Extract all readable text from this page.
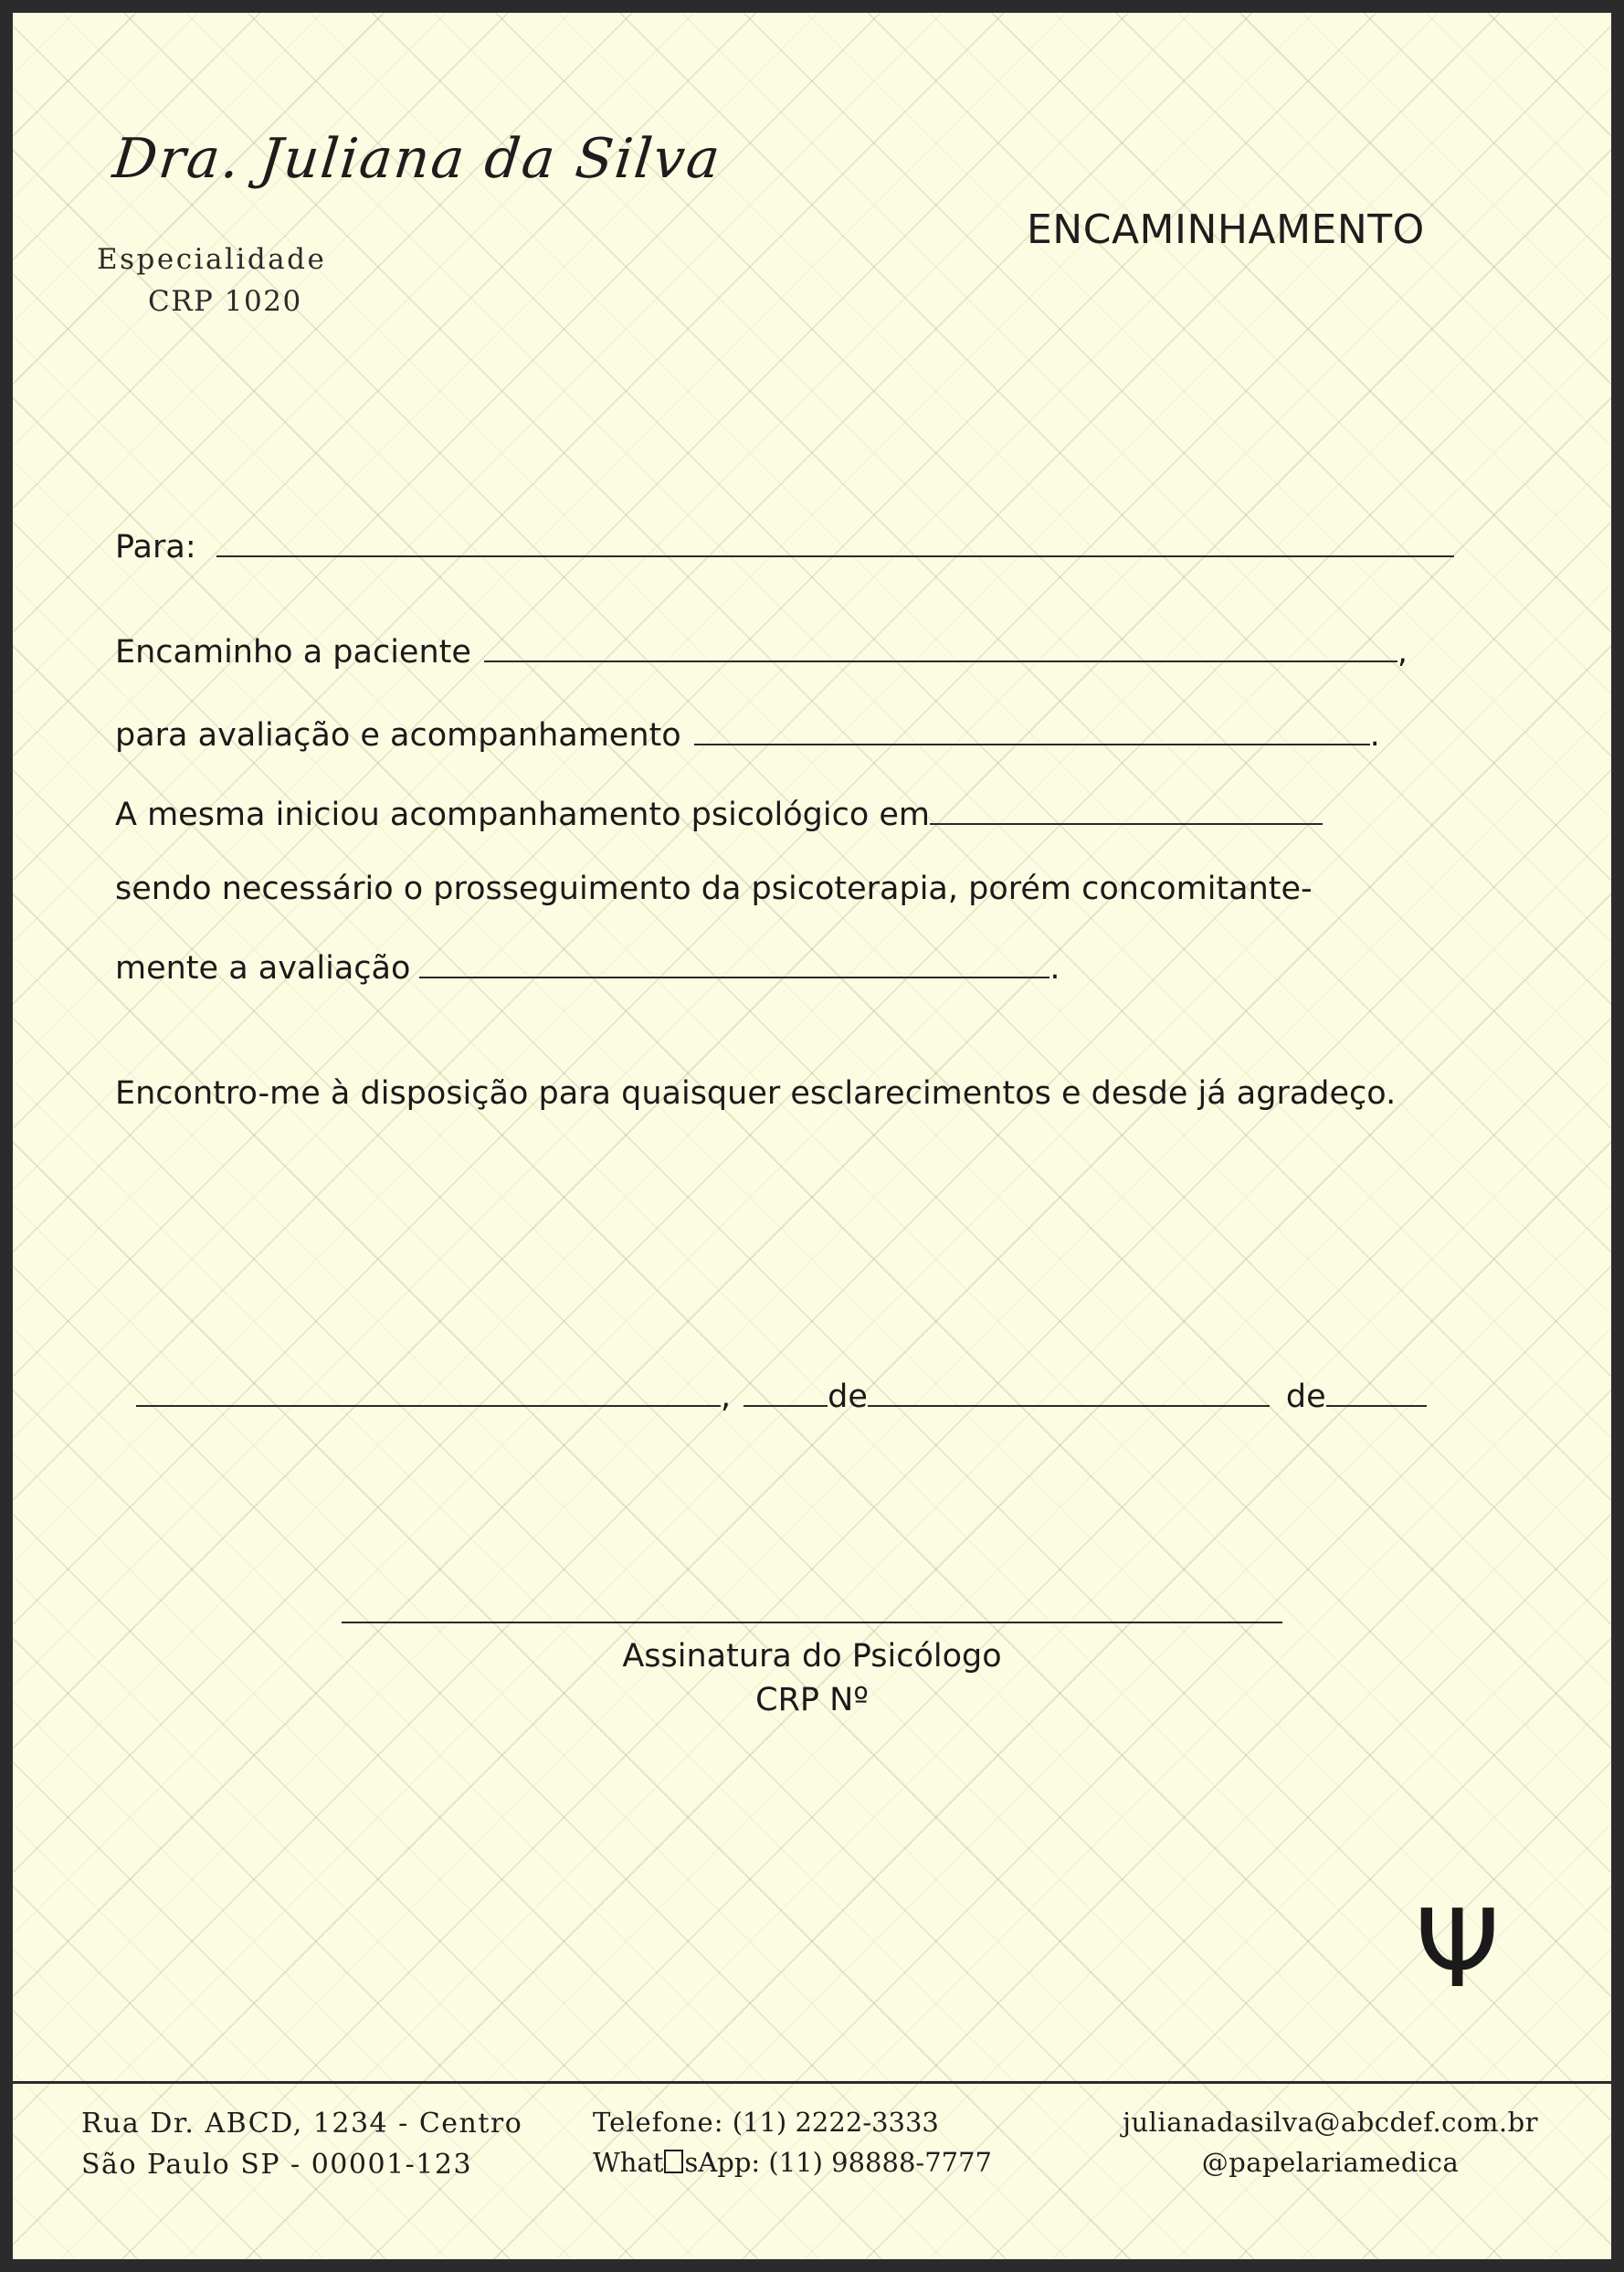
Dra. Juliana da Silva
Especialidade
CRP 1020
ENCAMINHAMENTO
Para:
Encaminho a paciente	,
para avaliação e acompanhamento	.
A mesma iniciou acompanhamento psicológico em
sendo necessário o prosseguimento da psicoterapia, porém concomitante-
mente a avaliação	.
Encontro-me à disposição para quaisquer esclarecimentos e desde já agradeço.
,	de	de
Assinatura do Psicólogo
CRP Nº
Ψ
Rua Dr. ABCD, 1234 - Centro
São Paulo SP - 00001-123
Telefone: (11) 2222-3333
What sApp: (11) 98888-7777
julianadasilva@abcdef.com.br
@papelariamedica
